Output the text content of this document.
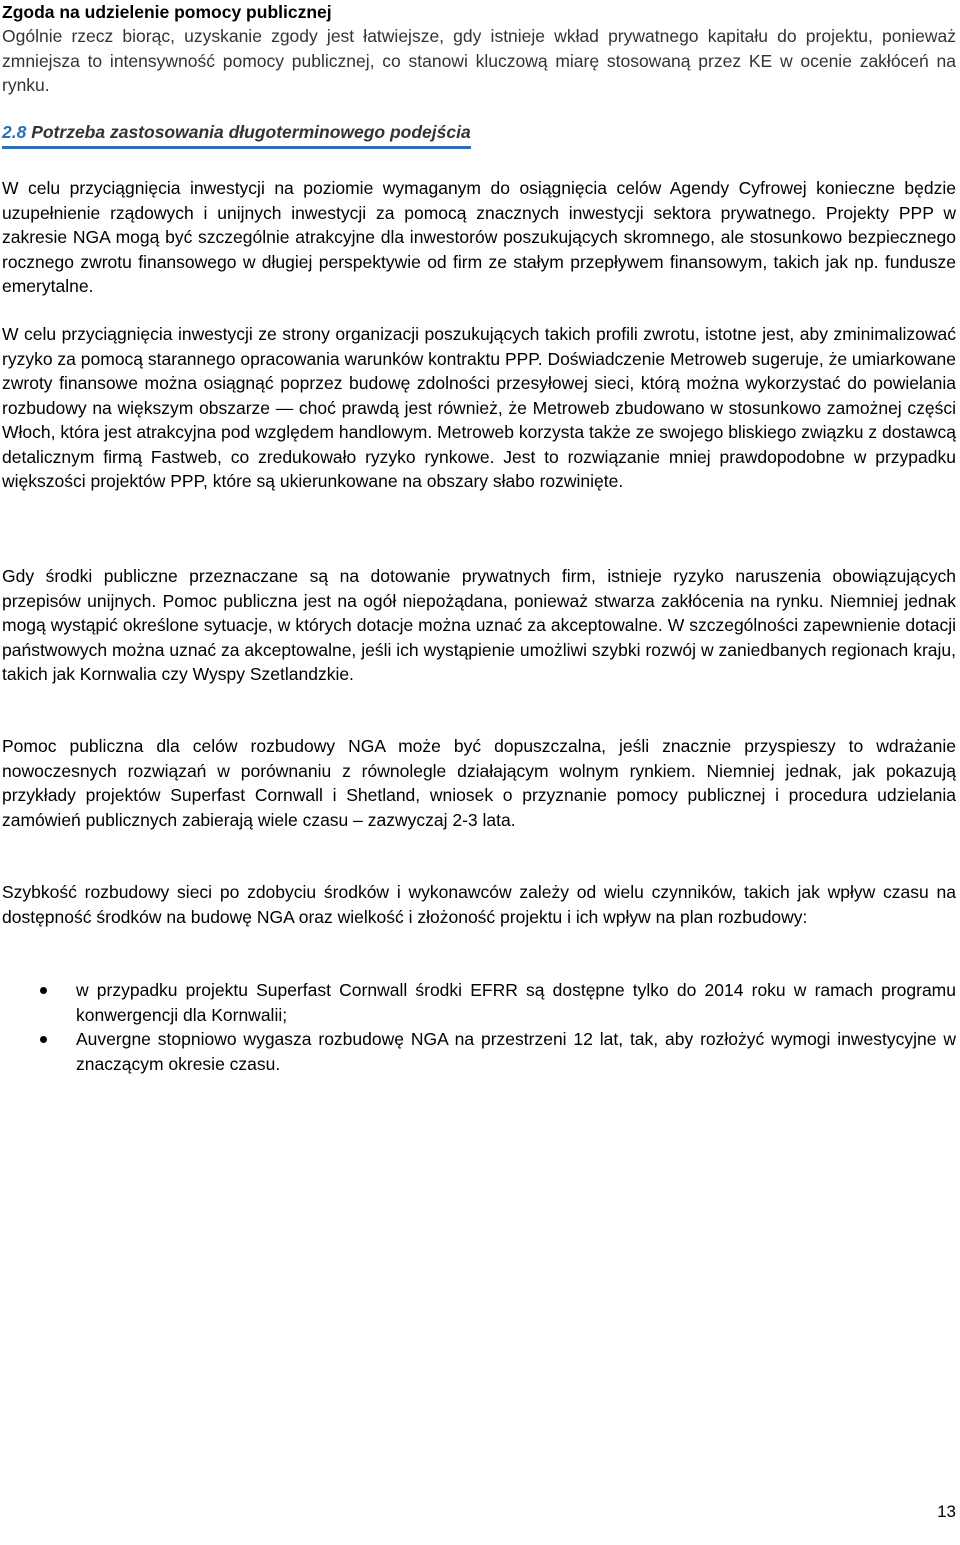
Zgoda na udzielenie pomocy publicznej

Ogólnie rzecz biorąc, uzyskanie zgody jest łatwiejsze, gdy istnieje wkład prywatnego kapitału do projektu, ponieważ zmniejsza to intensywność pomocy publicznej, co stanowi kluczową miarę stosowaną przez KE w ocenie zakłóceń na rynku.

2.8 Potrzeba zastosowania długoterminowego podejścia

W celu przyciągnięcia inwestycji na poziomie wymaganym do osiągnięcia celów Agendy Cyfrowej konieczne będzie uzupełnienie rządowych i unijnych inwestycji za pomocą znacznych inwestycji sektora prywatnego. Projekty PPP w zakresie NGA mogą być szczególnie atrakcyjne dla inwestorów poszukujących skromnego, ale stosunkowo bezpiecznego rocznego zwrotu finansowego w długiej perspektywie od firm ze stałym przepływem finansowym, takich jak np. fundusze emerytalne.

W celu przyciągnięcia inwestycji ze strony organizacji poszukujących takich profili zwrotu, istotne jest, aby zminimalizować ryzyko za pomocą starannego opracowania warunków kontraktu PPP. Doświadczenie Metroweb sugeruje, że umiarkowane zwroty finansowe można osiągnąć poprzez budowę zdolności przesyłowej sieci, którą można wykorzystać do powielania rozbudowy na większym obszarze — choć prawdą jest również, że Metroweb zbudowano w stosunkowo zamożnej części Włoch, która jest atrakcyjna pod względem handlowym. Metroweb korzysta także ze swojego bliskiego związku z dostawcą detalicznym firmą Fastweb, co zredukowało ryzyko rynkowe. Jest to rozwiązanie mniej prawdopodobne w przypadku większości projektów PPP, które są ukierunkowane na obszary słabo rozwinięte.

Gdy środki publiczne przeznaczane są na dotowanie prywatnych firm, istnieje ryzyko naruszenia obowiązujących przepisów unijnych. Pomoc publiczna jest na ogół niepożądana, ponieważ stwarza zakłócenia na rynku. Niemniej jednak mogą wystąpić określone sytuacje, w których dotacje można uznać za akceptowalne. W szczególności zapewnienie dotacji państwowych można uznać za akceptowalne, jeśli ich wystąpienie umożliwi szybki rozwój w zaniedbanych regionach kraju, takich jak Kornwalia czy Wyspy Szetlandzkie.

Pomoc publiczna dla celów rozbudowy NGA może być dopuszczalna, jeśli znacznie przyspieszy to wdrażanie nowoczesnych rozwiązań w porównaniu z równolegle działającym wolnym rynkiem. Niemniej jednak, jak pokazują przykłady projektów Superfast Cornwall i Shetland, wniosek o przyznanie pomocy publicznej i procedura udzielania zamówień publicznych zabierają wiele czasu – zazwyczaj 2-3 lata.

Szybkość rozbudowy sieci po zdobyciu środków i wykonawców zależy od wielu czynników, takich jak wpływ czasu na dostępność środków na budowę NGA oraz wielkość i złożoność projektu i ich wpływ na plan rozbudowy:

w przypadku projektu Superfast Cornwall środki EFRR są dostępne tylko do 2014 roku w ramach programu konwergencji dla Kornwalii;
Auvergne stopniowo wygasza rozbudowę NGA na przestrzeni 12 lat, tak, aby rozłożyć wymogi inwestycyjne w znaczącym okresie czasu.
13
